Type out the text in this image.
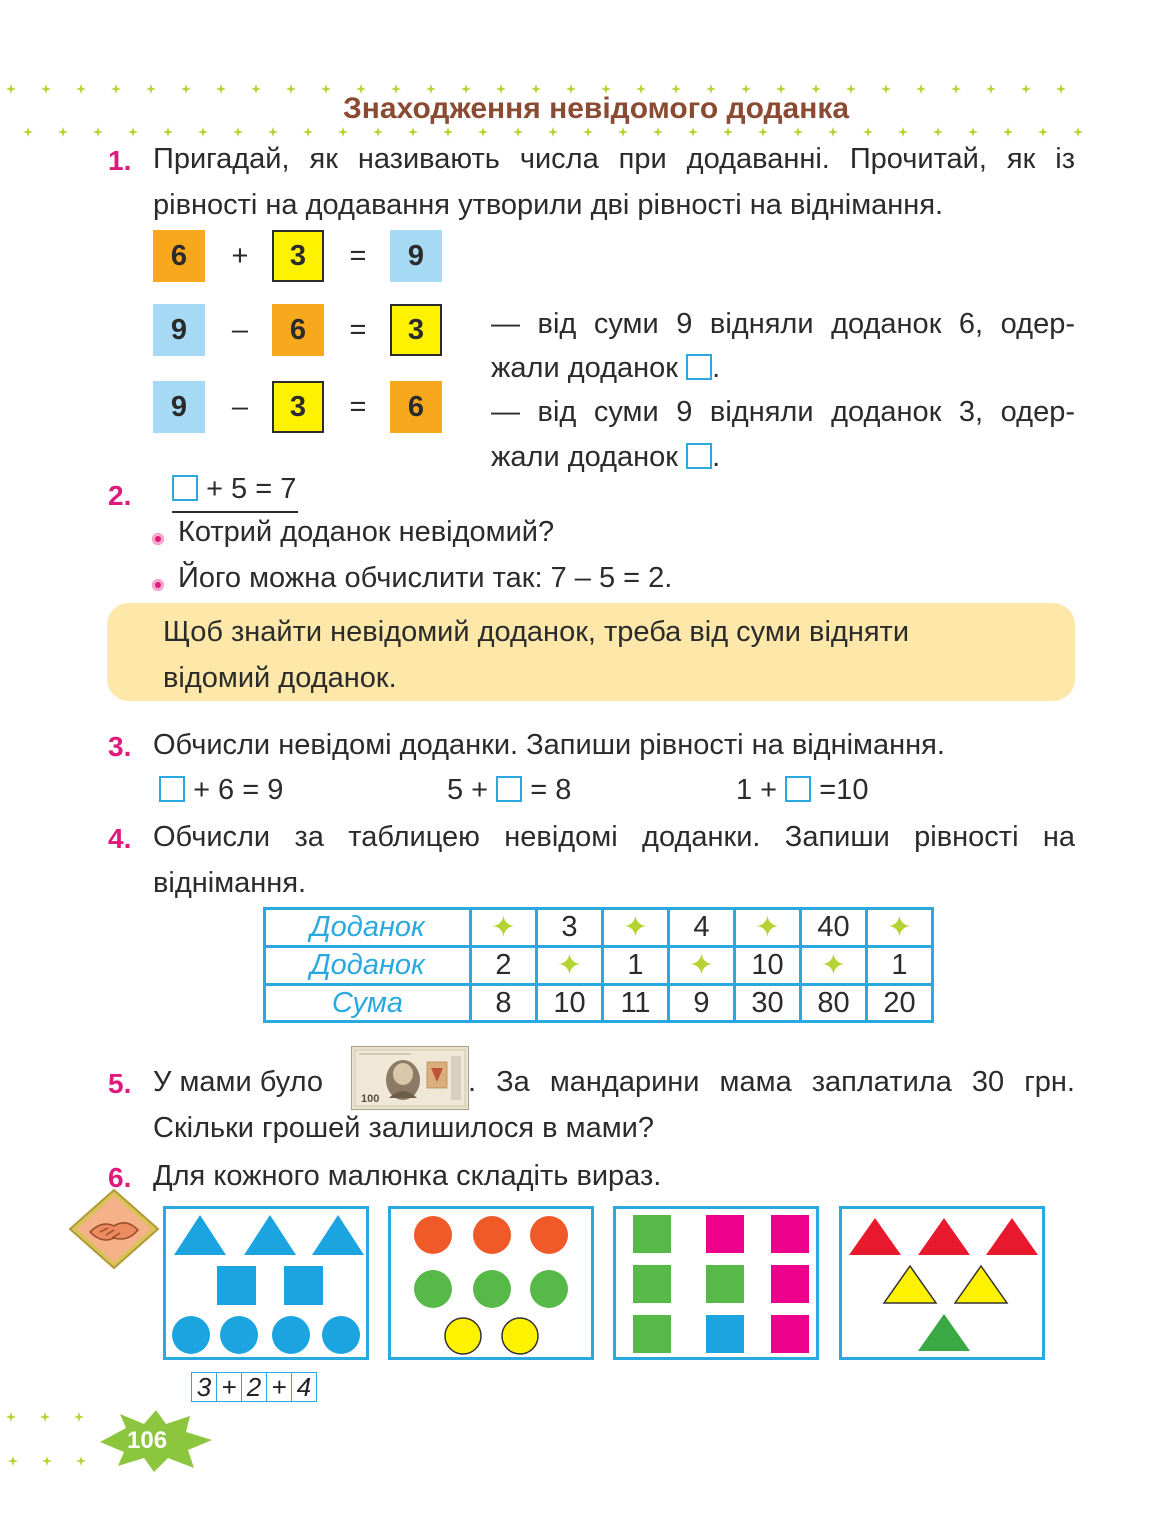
Знаходження невідомого доданка
1. Пригадай, як називають числа при додаванні. Прочитай, як із
рівності на додавання утворили дві рівності на віднімання.
6	+	3	=	9
9	–	6	=	3
9	–	3	=	6
— від суми 9 відняли доданок 6, одер-
жали доданок .
— від суми 9 відняли доданок 3, одер-
жали доданок .
2.	+ 5 = 7
Котрий доданок невідомий?
Його можна обчислити так: 7 – 5 = 2.
Щоб знайти невідомий доданок, треба від суми відняти
відомий доданок.
3. Обчисли невідомі доданки. Запиши рівності на віднімання.
+ 6 = 9	5 + = 8	1 + =10
4. Обчисли за таблицею невідомі доданки. Запиши рівності на
віднімання.
Доданок	✦	3	✦	4	✦	40	✦
Доданок	2	✦	1	✦	10	✦	1
Сума	8	10	11	9	30	80	20
5. У мами було
100
. За мандарини мама заплатила 30 грн.
Скільки грошей залишилося в мами?
6. Для кожного малюнка складіть вираз.
3 + 2 + 4
106
